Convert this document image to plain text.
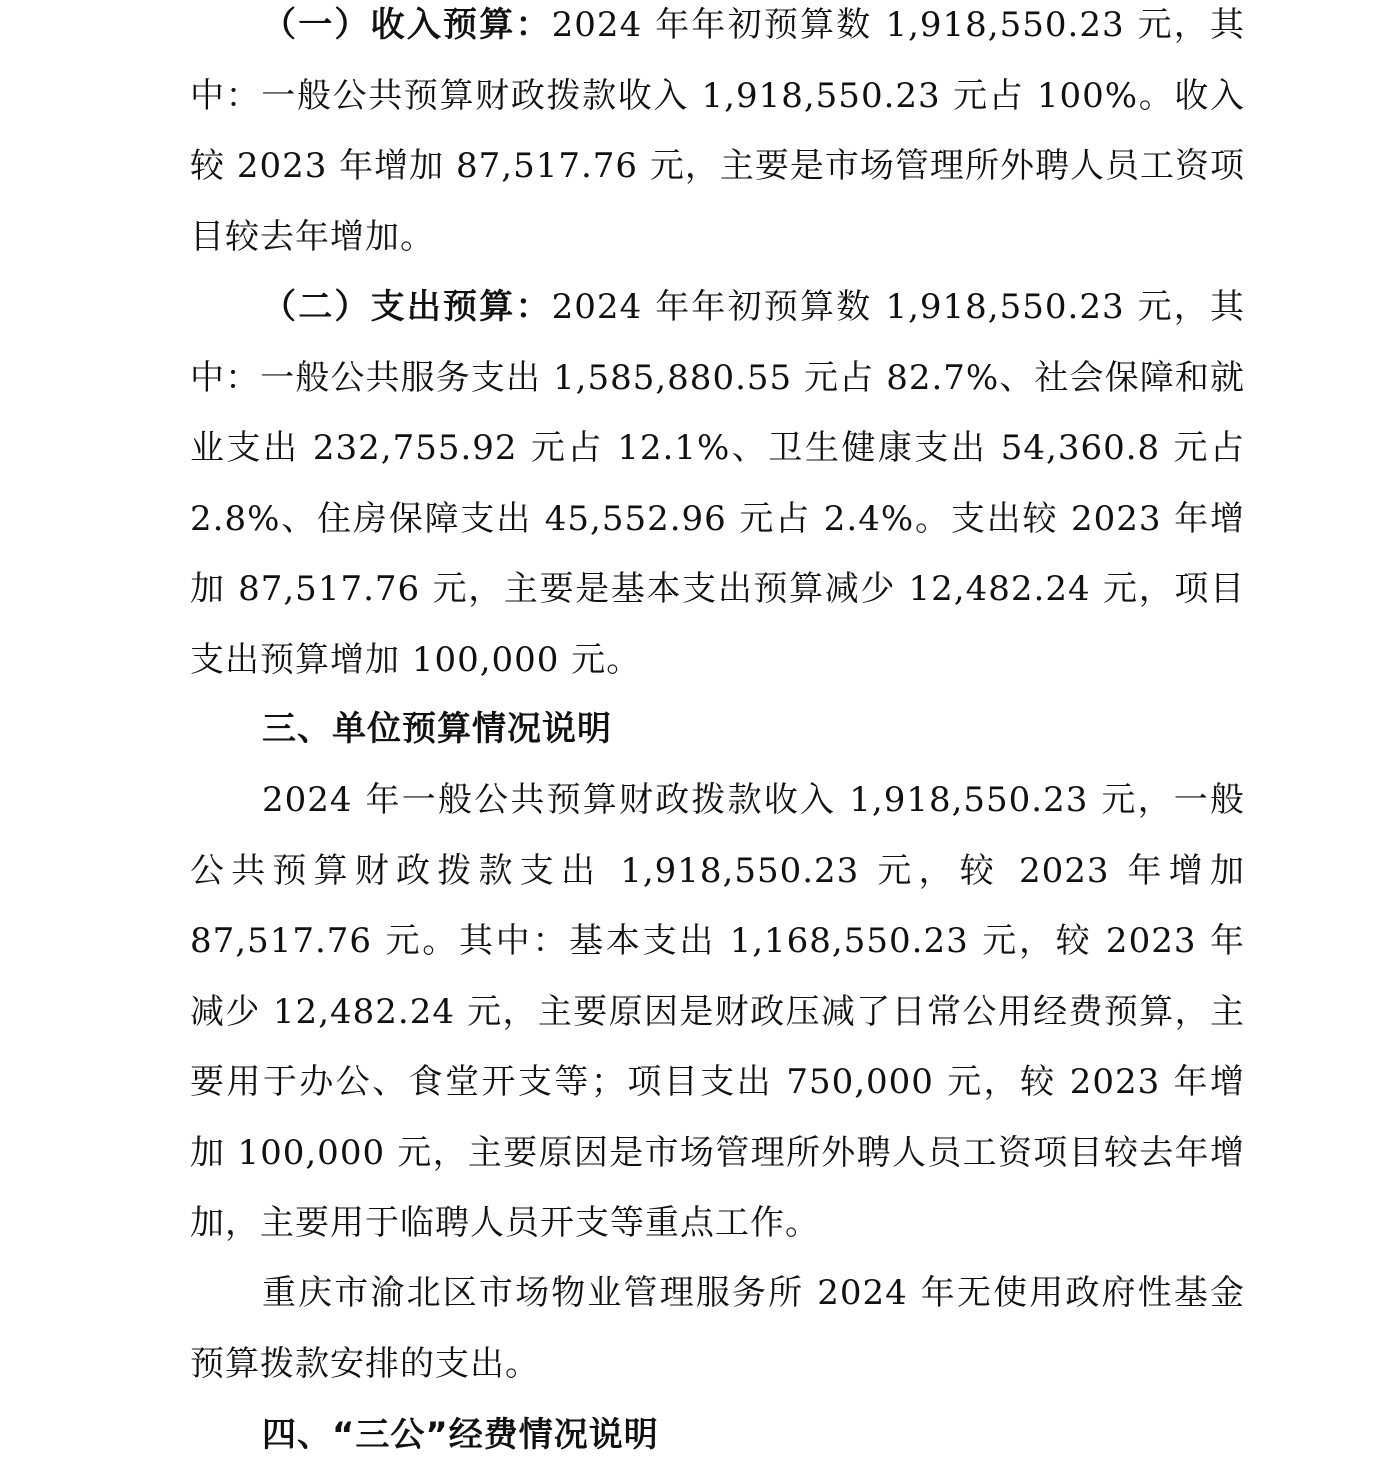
（一）收入预算：2024 年年初预算数 1,918,550.23 元，其中：一般公共预算财政拨款收入 1,918,550.23 元占 100%。收入较 2023 年增加 87,517.76 元，主要是市场管理所外聘人员工资项目较去年增加。

（二）支出预算：2024 年年初预算数 1,918,550.23 元，其中：一般公共服务支出 1,585,880.55 元占 82.7%、社会保障和就业支出 232,755.92 元占 12.1%、卫生健康支出 54,360.8 元占 2.8%、住房保障支出 45,552.96 元占 2.4%。支出较 2023 年增加 87,517.76 元，主要是基本支出预算减少 12,482.24 元，项目支出预算增加 100,000 元。

三、单位预算情况说明

2024 年一般公共预算财政拨款收入 1,918,550.23 元，一般公共预算财政拨款支出 1,918,550.23 元，较 2023 年增加 87,517.76 元。其中：基本支出 1,168,550.23 元，较 2023 年减少 12,482.24 元，主要原因是财政压减了日常公用经费预算，主要用于办公、食堂开支等；项目支出 750,000 元，较 2023 年增加 100,000 元，主要原因是市场管理所外聘人员工资项目较去年增加，主要用于临聘人员开支等重点工作。

重庆市渝北区市场物业管理服务所 2024 年无使用政府性基金预算拨款安排的支出。

四、“三公”经费情况说明
